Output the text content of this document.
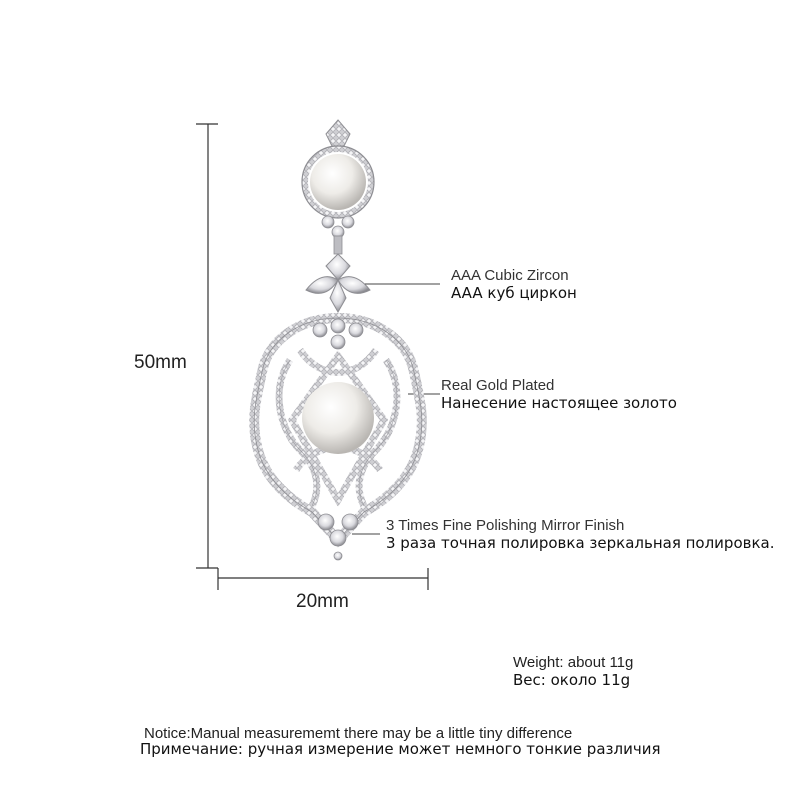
50mm
20mm
AAA Cubic Zircon
AAA куб циркон
Real Gold Plated
Нанесение настоящее золото
3 Times Fine Polishing Mirror Finish
3 раза точная полировка зеркальная полировка.
Weight: about 11g
Вес: около 11g
Notice:Manual measurememt there may be a little tiny difference
Примечание: ручная измерение может немного тонкие различия
